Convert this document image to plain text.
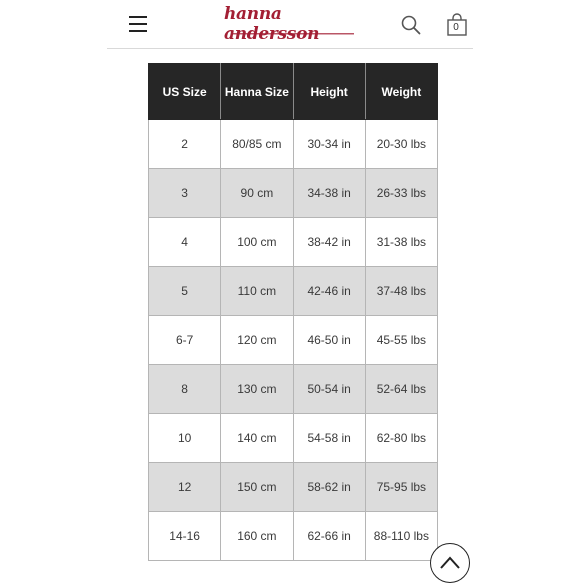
hanna andersson	0
US Size	Hanna Size	Height	Weight
2	80/85 cm	30-34 in	20-30 lbs
3	90 cm	34-38 in	26-33 lbs
4	100 cm	38-42 in	31-38 lbs
5	110 cm	42-46 in	37-48 lbs
6-7	120 cm	46-50 in	45-55 lbs
8	130 cm	50-54 in	52-64 lbs
10	140 cm	54-58 in	62-80 lbs
12	150 cm	58-62 in	75-95 lbs
14-16	160 cm	62-66 in	88-110 lbs
